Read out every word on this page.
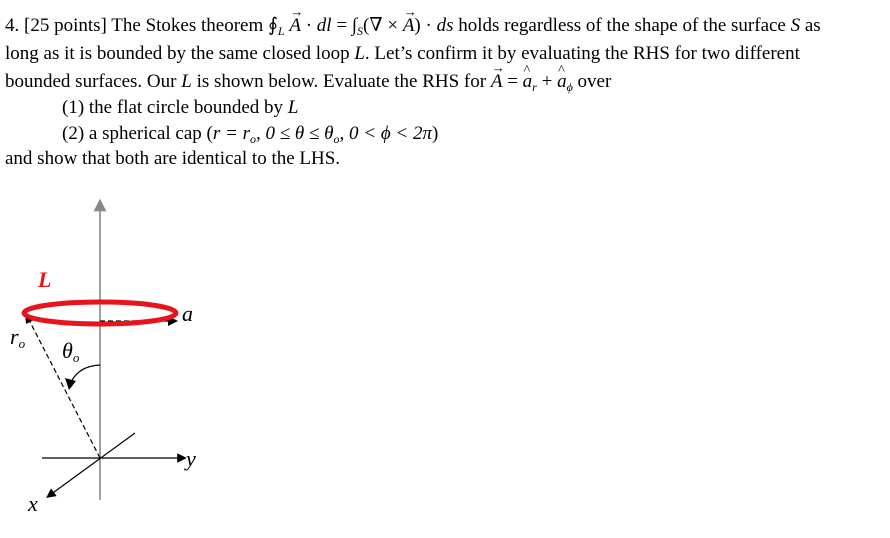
4. [25 points] The Stokes theorem $∮_L \to A$ · dl = $\int_S(\nabla$ × → A) · ds holds regardless of the shape of the surface S as
long as it is bounded by the same closed loop L. Let’s confirm it by evaluating the RHS for two different
bounded surfaces. Our L is shown below. Evaluate the RHS for → A = ^ $a_r$ + ^ $a_\phi$ over
(1) the flat circle bounded by L
(2) a spherical cap ($r = r_o$, $0 \le \theta \le \theta_o$, 0 < ϕ < 2π)
and show that both are identical to the LHS.
L
a
ro θo
x
y
